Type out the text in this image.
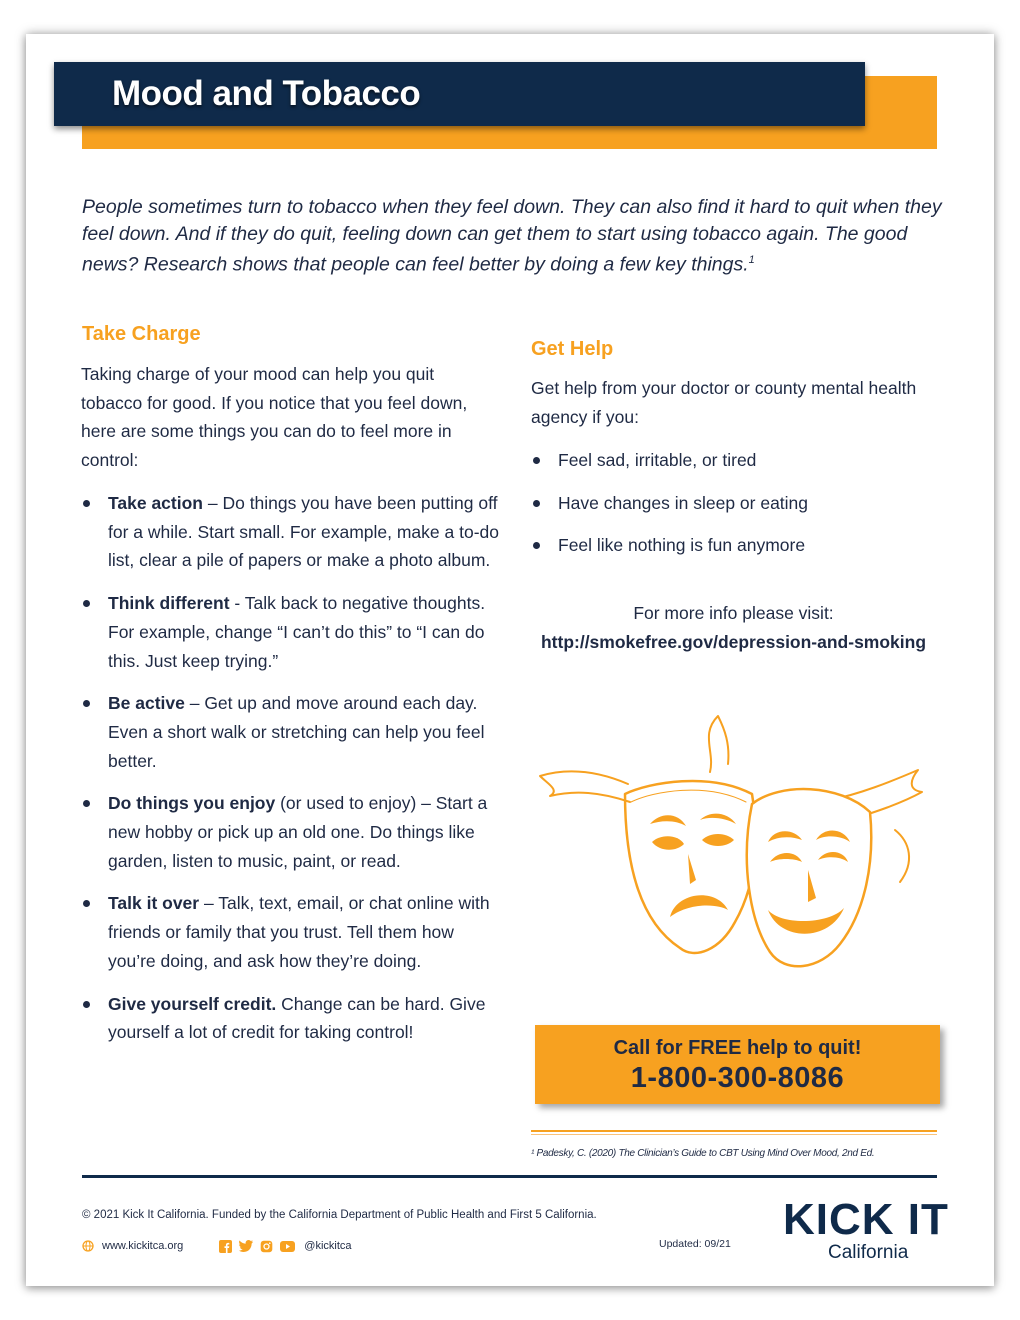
Mood and Tobacco
People sometimes turn to tobacco when they feel down. They can also find it hard to quit when they feel down. And if they do quit, feeling down can get them to start using tobacco again. The good news? Research shows that people can feel better by doing a few key things.$^1$
Take Charge
Taking charge of your mood can help you quit tobacco for good. If you notice that you feel down, here are some things you can do to feel more in control:
Take action – Do things you have been putting off for a while. Start small. For example, make a to-do list, clear a pile of papers or make a photo album.
Think different - Talk back to negative thoughts. For example, change “I can’t do this” to “I can do this. Just keep trying.”
Be active – Get up and move around each day. Even a short walk or stretching can help you feel better.
Do things you enjoy (or used to enjoy) – Start a new hobby or pick up an old one. Do things like garden, listen to music, paint, or read.
Talk it over – Talk, text, email, or chat online with friends or family that you trust. Tell them how you’re doing, and ask how they’re doing.
Give yourself credit. Change can be hard. Give yourself a lot of credit for taking control!
Get Help
Get help from your doctor or county mental health agency if you:
Feel sad, irritable, or tired
Have changes in sleep or eating
Feel like nothing is fun anymore
For more info please visit:
http://smokefree.gov/depression-and-smoking
Call for FREE help to quit!
1-800-300-8086
¹ Padesky, C. (2020) The Clinician’s Guide to CBT Using Mind Over Mood, 2nd Ed.
© 2021 Kick It California. Funded by the California Department of Public Health and First 5 California.
www.kickitca.org	@kickitca	Updated: 09/21 KICK IT
California
